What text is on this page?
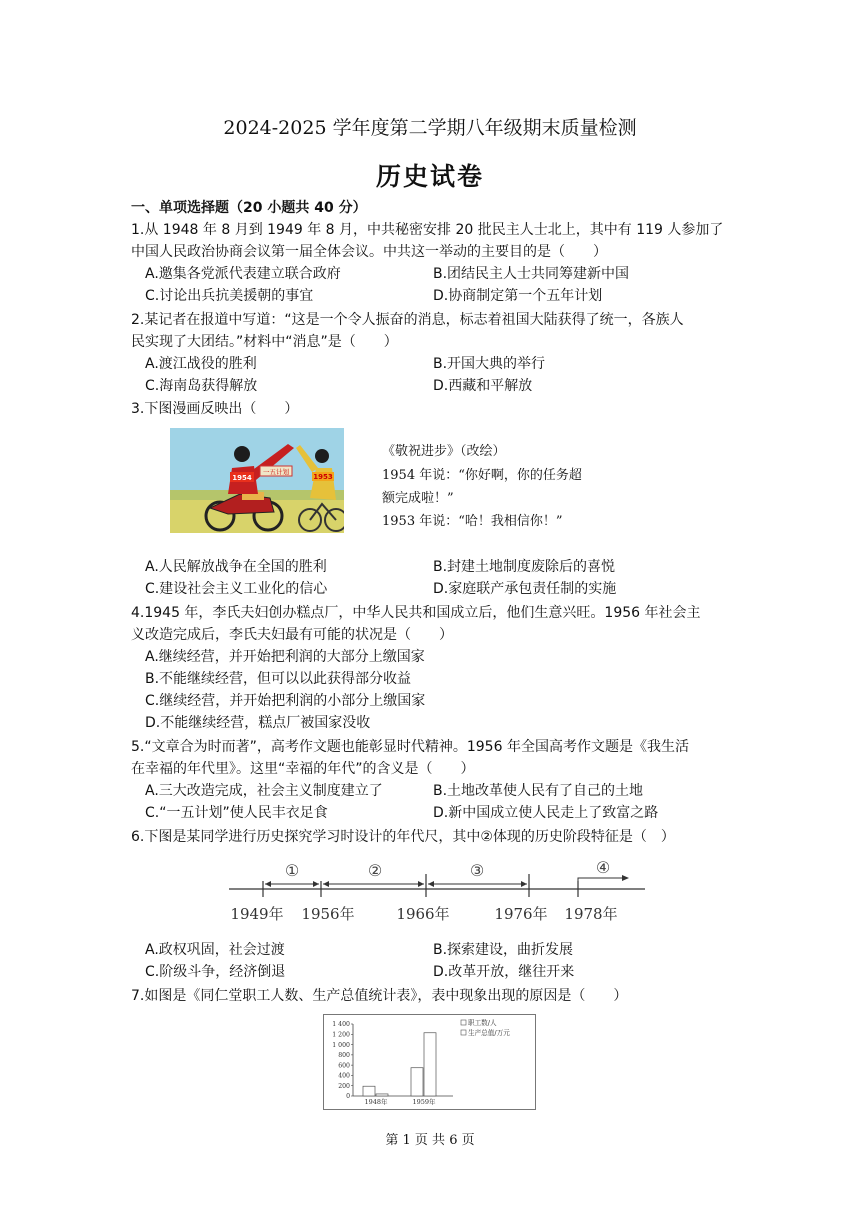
2024-2025 学年度第二学期八年级期末质量检测
历史试卷
一、单项选择题（20 小题共 40 分）
1.从 1948 年 8 月到 1949 年 8 月，中共秘密安排 20 批民主人士北上，其中有 119 人参加了
中国人民政治协商会议第一届全体会议。中共这一举动的主要目的是（　　）
A.邀集各党派代表建立联合政府	B.团结民主人士共同筹建新中国
C.讨论出兵抗美援朝的事宜	D.协商制定第一个五年计划
2.某记者在报道中写道：“这是一个令人振奋的消息，标志着祖国大陆获得了统一，各族人
民实现了大团结。”材料中“消息”是（　　）
A.渡江战役的胜利	B.开国大典的举行
C.海南岛获得解放	D.西藏和平解放
3.下图漫画反映出（　　）
1954
一五计划
1953
《敬祝进步》（改绘）
1954 年说：“你好啊，你的任务超
额完成啦！”
1953 年说：“哈！我相信你！”
A.人民解放战争在全国的胜利	B.封建土地制度废除后的喜悦
C.建设社会主义工业化的信心	D.家庭联产承包责任制的实施
4.1945 年，李氏夫妇创办糕点厂，中华人民共和国成立后，他们生意兴旺。1956 年社会主
义改造完成后，李氏夫妇最有可能的状况是（　　）
A.继续经营，并开始把利润的大部分上缴国家
B.不能继续经营，但可以以此获得部分收益
C.继续经营，并开始把利润的小部分上缴国家
D.不能继续经营，糕点厂被国家没收
5.“文章合为时而著”，高考作文题也能彰显时代精神。1956 年全国高考作文题是《我生活
在幸福的年代里》。这里“幸福的年代”的含义是（　　）
A.三大改造完成，社会主义制度建立了	B.土地改革使人民有了自己的土地
C.“一五计划”使人民丰衣足食	D.新中国成立使人民走上了致富之路
6.下图是某同学进行历史探究学习时设计的年代尺，其中②体现的历史阶段特征是（　）
①	②	③	④
1949年 1956年	1966年	1976年 1978年
A.政权巩固，社会过渡	B.探索建设，曲折发展
C.阶级斗争，经济倒退	D.改革开放，继往开来
7.如图是《同仁堂职工人数、生产总值统计表》，表中现象出现的原因是（　　）
0
200
400
600
800
1 000
1 200
1 400
1948年	1959年
职工数/人
生产总值/万元
第 1 页 共 6 页
